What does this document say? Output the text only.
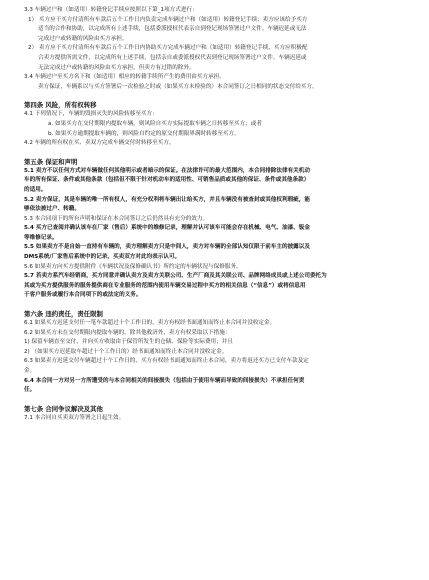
3.3 车辆过户和（如适用）转籍登记手续应按照以下第_1项方式进行：

1） 买方应于买方付清所有车款后五个工作日内负责完成车辆过户和（如适用）转籍登记手续；卖方应该给予买方

适当的合作和协助，以完成所有上述手续，包括委派授权代表亲自到登记现场签署过户文件。车辆迟延或无法

完成过户或转籍的风险由买方承担。

2） 卖方应于买方付清所有车款后五个工作日内协助买方完成车辆过户和（如适用）转籍登记手续，买方应积极配

合卖方提供所需文件，以完成所有上述手续，包括亲自或委派授权代表到登记现场签署过户文件。车辆迟延或

无法完成过户或转籍的风险由买方承担，但卖方有过错的除外。

3.4 车辆过户至买方名下和（如适用）相应的转籍手续所产生的费用由买方承担。

卖方保证，车辆系以与买方签署后一次检验之时或（如果买方未检验的）本合同签订之日相同的状态交付给买方。

第四条 风险，所有权转移

4.1 下列情况下，车辆的毁损灭失的风险转移至买方：

a. 如果买方在交付期限内提取车辆，则风险自买方实际提取车辆之日转移至买方；或者

b. 如果买方逾期提取车辆的，则风险自约定的原交付期限界满时转移至买方。

4.2 车辆的所有权在买、卖双方完成车辆交付时转移至买方。

第五条 保证和声明

5.1 卖方不以任何方式对车辆做任何其他明示或者暗示的保证。在法律许可的最大范围内，本合同排除法律有关机动

车的所有保证、条件或其他条款（包括但不限于针对机动车的适用性、可销售品质或其他的保证、条件或其他条款）

的适用。

5.2 卖方保证，其是车辆的唯一所有权人，有充分权利将车辆出让给买方，并且车辆没有被查封或其他权利瑕疵，能

够依法被过户、转籍。

5.3 本合同项下的所有声明和保证在本合同签订之后仍然具有充分的效力。

5.4 买方已查阅并确认该车在厂家（售后）系统中的维修记录，理解并认可该车可能会存在机械、电气、油漆、钣金

等维修记录。

5.5 如果卖方不是自始一直持有车辆的，卖方理解卖方只是中间人，卖方对车辆的全部认知仅限于前车主的披露以及

DMS系统/厂家售后系统中的记录，买卖双方对此均表示认可。

5.6 如果卖方向买方提供附件《车辆状况及保修确认书》所约定的车辆状况与保修服务。

5.7 若卖方系汽车经销商，买方同意并确认卖方及卖方关联公司、生产厂商及其关联公司、品牌网络成员或上述公司委托为

其或为买方提供服务的服务提供商在专业服务的范围内使用车辆交易过程中买方的相关信息（“信息”）或将信息用

于客户服务或履行本合同项下的或法定的义务。

第六条 违约责任，责任限制

6.1 如果买方迟延支付任一笔车款超过十个工作日的，卖方有权经书面通知而终止本合同并没收定金。

6.2 如果买方未在交付期限内提取车辆的，除其他救济外，卖方有权采取以下措施：

1) 保留车辆直至交付，并向买方收取由于保管所发生的仓储、保险等实际费用；并且

2) （如果买方迟延取车超过十个工作日的）经书面通知而终止本合同并没收定金。

6.3 如果卖方迟延交付车辆超过十个工作日的，买方有权经书面通知而终止本合同，卖方将返还买方已支付车款及定

金。

6.4 本合同一方对另一方所遭受的与本合同相关的间接损失（包括由于使用车辆而导致的间接损失）不承担任何责

任。

第七条 合同争议解决及其他

7.1 本合同自买卖双方签署之日起生效。
